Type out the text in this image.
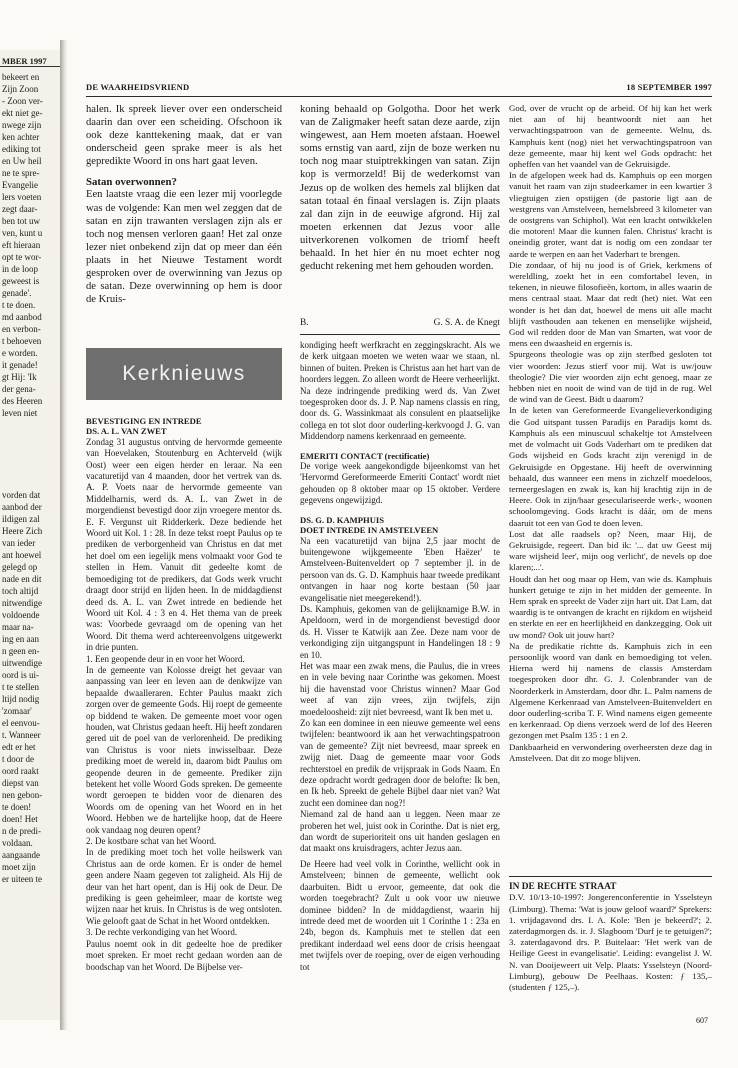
MBER 1997
bekeert en
Zijn Zoon
- Zoon ver-
ekt niet ge-
nwege zijn
ken achter
ediking tot
en Uw heil
ne te spre-
Evangelie
lers voeten
zegt daar-
ben tot uw
ven, kunt u
eft hieraan
opt te wor-
in de loop
geweest is
genade'.
t te doen.
md aanbod
en verbon-
t behoeven
e worden.
it genade!
gt Hij: 'Ik
der gena-
des Heeren
leven niet
vorden dat
aanbod der
ildigen zal
Heere Zich
van ieder
ant hoewel
gelegd op
nade en dit
toch altijd
nitwendige
voldoende
maar na-
ing en aan
n geen en-
uitwendige
oord is ui-
t te stellen
ltijd nodig
'zomaar'
el eenvou-
t. Wanneer
edt er het
t door de
oord raakt
diepst van
nen gebon-
te doen!
doen! Het
n de predi-
voldaan.
aangaande
moet zijn
er uiteen te
DE WAARHEIDSVRIEND	18 SEPTEMBER 1997

halen. Ik spreek liever over een onderscheid daarin dan over een scheiding. Ofschoon ik ook deze kanttekening maak, dat er van onderscheid geen sprake meer is als het gepredikte Woord in ons hart gaat leven.

Satan overwonnen?

Een laatste vraag die een lezer mij voorlegde was de volgende: Kan men wel zeggen dat de satan en zijn trawanten verslagen zijn als er toch nog mensen verloren gaan! Het zal onze lezer niet onbekend zijn dat op meer dan één plaats in het Nieuwe Testament wordt gesproken over de overwinning van Jezus op de satan. Deze overwinning op hem is door de Kruis-

koning behaald op Golgotha. Door het werk van de Zaligmaker heeft satan deze aarde, zijn wingewest, aan Hem moeten afstaan. Hoewel soms ernstig van aard, zijn de boze werken nu toch nog maar stuiptrekkingen van satan. Zijn kop is vermorzeld! Bij de wederkomst van Jezus op de wolken des hemels zal blijken dat satan totaal én finaal verslagen is. Zijn plaats zal dan zijn in de eeuwige afgrond. Hij zal moeten erkennen dat Jezus voor alle uitverkorenen volkomen de triomf heeft behaald. In het hier én nu moet echter nog geducht rekening met hem gehouden worden.

B.	G. S. A. de Knegt
Kerknieuws

BEVESTIGING EN INTREDE

DS. A. L. VAN ZWET

Zondag 31 augustus ontving de hervormde gemeente van Hoevelaken, Stoutenburg en Achterveld (wijk Oost) weer een eigen herder en leraar. Na een vacaturetijd van 4 maanden, door het vertrek van ds. A. P. Voets naar de hervormde gemeente van Middelharnis, werd ds. A. L. van Zwet in de morgendienst bevestigd door zijn vroegere mentor ds. E. F. Vergunst uit Ridderkerk. Deze bediende het Woord uit Kol. 1 : 28. In deze tekst roept Paulus op te prediken de verborgenheid van Christus en dat met het doel om een iegelijk mens volmaakt voor God te stellen in Hem. Vanuit dit gedeelte komt de bemoediging tot de predikers, dat Gods werk vrucht draagt door strijd en lijden heen. In de middagdienst deed ds. A. L. van Zwet intrede en bediende het Woord uit Kol. 4 : 3 en 4. Het thema van de preek was: Voorbede gevraagd om de opening van het Woord. Dit thema werd achtereenvolgens uitgewerkt in drie punten.

1. Een geopende deur in en voor het Woord.

In de gemeente van Kolosse dreigt het gevaar van aanpassing van leer en leven aan de denkwijze van bepaalde dwaalleraren. Echter Paulus maakt zich zorgen over de gemeente Gods. Hij roept de gemeente op biddend te waken. De gemeente moet voor ogen houden, wat Christus gedaan heeft. Hij heeft zondaren gered uit de poel van de verlorenheid. De prediking van Christus is voor niets inwisselbaar. Deze prediking moet de wereld in, daarom bidt Paulus om geopende deuren in de gemeente. Prediker zijn betekent het volle Woord Gods spreken. De gemeente wordt geroepen te bidden voor de dienaren des Woords om de opening van het Woord en in het Woord. Hebben we de hartelijke hoop, dat de Heere ook vandaag nog deuren opent?

2. De kostbare schat van het Woord.

In de prediking moet toch het volle heilswerk van Christus aan de orde komen. Er is onder de hemel geen andere Naam gegeven tot zaligheid. Als Hij de deur van het hart opent, dan is Hij ook de Deur. De prediking is geen geheimleer, maar de kortste weg wijzen naar het kruis. In Christus is de weg ontsloten. Wie gelooft gaat de Schat in het Woord ontdekken.

3. De rechte verkondiging van het Woord.

Paulus noemt ook in dit gedeelte hoe de prediker moet spreken. Er moet recht gedaan worden aan de boodschap van het Woord. De Bijbelse ver-

kondiging heeft werfkracht en zeggingskracht. Als we de kerk uitgaan moeten we weten waar we staan, nl. binnen of buiten. Preken is Christus aan het hart van de hoorders leggen. Zo alleen wordt de Heere verheerlijkt.

Na deze indringende prediking werd ds. Van Zwet toegesproken door ds. J. P. Nap namens classis en ring, door ds. G. Wassinkmaat als consulent en plaatselijke collega en tot slot door ouderling-kerkvoogd J. G. van Middendorp namens kerkenraad en gemeente.

EMERITI CONTACT (rectificatie)

De vorige week aangekondigde bijeenkomst van het 'Hervormd Gereformeerde Emeriti Contact' wordt niet gehouden op 8 oktober maar op 15 oktober. Verdere gegevens ongewijzigd.

DS. G. D. KAMPHUIS

DOET INTREDE IN AMSTELVEEN

Na een vacaturetijd van bijna 2,5 jaar mocht de buitengewone wijkgemeente 'Eben Haëzer' te Amstelveen-Buitenveldert op 7 september jl. in de persoon van ds. G. D. Kamphuis haar tweede predikant ontvangen in haar nog korte bestaan (50 jaar evangelisatie niet meegerekend!).

Ds. Kamphuis, gekomen van de gelijknamige B.W. in Apeldoorn, werd in de morgendienst bevestigd door ds. H. Visser te Katwijk aan Zee. Deze nam voor de verkondiging zijn uitgangspunt in Handelingen 18 : 9 en 10.

Het was maar een zwak mens, die Paulus, die in vrees en in vele beving naar Corinthe was gekomen. Moest hij die havenstad voor Christus winnen? Maar God weet af van zijn vrees, zijn twijfels, zijn moedeloosheid: zijt niet bevreesd, want Ik ben met u.

Zo kan een dominee in een nieuwe gemeente wel eens twijfelen: beantwoord ik aan het verwachtingspatroon van de gemeente? Zijt niet bevreesd, maar spreek en zwijg niet. Daag de gemeente maar voor Gods rechterstoel en predik de vrijspraak in Gods Naam. En deze opdracht wordt gedragen door de belofte: Ik ben, en Ik heb. Spreekt de gehele Bijbel daar niet van? Wat zucht een dominee dan nog?!

Niemand zal de hand aan u leggen. Neen maar ze proberen het wel, juist ook in Corinthe. Dat is niet erg, dan wordt de superioriteit ons uit handen geslagen en dat maakt ons kruisdragers, achter Jezus aan.

De Heere had veel volk in Corinthe, wellicht ook in Amstelveen; binnen de gemeente, wellicht ook daarbuiten. Bidt u ervoor, gemeente, dat ook die worden toegebracht? Zult u ook voor uw nieuwe dominee bidden? In de middagdienst, waarin hij intrede deed met de woorden uit 1 Corinthe 1 : 23a en 24b, begon ds. Kamphuis met te stellen dat een predikant inderdaad wel eens door de crisis heengaat met twijfels over de roeping, over de eigen verhouding tot

God, over de vrucht op de arbeid. Of hij kan het werk niet aan of hij beantwoordt niet aan het verwachtingspatroon van de gemeente. Welnu, ds. Kamphuis kent (nog) niet het verwachtingspatroon van deze gemeente, maar hij kent wel Gods opdracht: het opheffen van het vaandel van de Gekruisigde.

In de afgelopen week had ds. Kamphuis op een morgen vanuit het raam van zijn studeerkamer in een kwartier 3 vliegtuigen zien opstijgen (de pastorie ligt aan de westgrens van Amstelveen, hemelsbreed 3 kilometer van de oostgrens van Schiphol). Wat een kracht ontwikkelen die motoren! Maar die kunnen falen. Christus' kracht is oneindig groter, want dat is nodig om een zondaar ter aarde te werpen en aan het Vaderhart te brengen.

Die zondaar, of hij nu jood is of Griek, kerkmens of wereldling, zoekt het in een comfortabel leven, in tekenen, in nieuwe filosofieën, kortom, in alles waarin de mens centraal staat. Maar dat redt (het) niet. Wat een wonder is het dan dat, hoewel de mens uit alle macht blijft vasthouden aan tekenen en menselijke wijsheid, God wil redden door de Man van Smarten, wat voor de mens een dwaasheid en ergernis is.

Spurgeons theologie was op zijn sterfbed gesloten tot vier woorden: Jezus stierf voor mij. Wat is uw/jouw theologie? Die vier woorden zijn echt genoeg, maar ze hebben niet en nooit de wind van de tijd in de rug. Wel de wind van de Geest. Bidt u daarom?

In de keten van Gereformeerde Evangelieverkondiging die God uitspant tussen Paradijs en Paradijs komt ds. Kamphuis als een minuscuul schakeltje tot Amstelveen met de volmacht uit Gods Vaderhart om te prediken dat Gods wijsheid en Gods kracht zijn verenigd in de Gekruisigde en Opgestane. Hij heeft de overwinning behaald, dus wanneer een mens in zichzelf moedeloos, terneergeslagen en zwak is, kan hij krachtig zijn in de Heere. Ook in zijn/haar geseculariseerde werk-, woonen schoolomgeving. Gods kracht is dáár, om de mens daaruit tot een van God te doen leven.

Lost dat alle raadsels op? Neen, maar Hij, de Gekruisigde, regeert. Dan bid ik: '... dat uw Geest mij ware wijsheid leer', mijn oog verlicht', de nevels op doe klaren;...'.

Houdt dan het oog maar op Hem, van wie ds. Kamphuis hunkert getuige te zijn in het midden der gemeente. In Hem sprak en spreekt de Vader zijn hart uit. Dat Lam, dat waardig is te ontvangen de kracht en rijkdom en wijsheid en sterkte en eer en heerlijkheid en dankzegging. Ook uit uw mond? Ook uit jouw hart?

Na de predikatie richtte ds. Kamphuis zich in een persoonlijk woord van dank en bemoediging tot velen. Hierna werd hij namens de classis Amsterdam toegesproken door dhr. G. J. Colenbrander van de Noorderkerk in Amsterdam, door dhr. L. Palm namens de Algemene Kerkenraad van Amstelveen-Buitenveldert en door ouderling-scriba T. F. Wind namens eigen gemeente en kerkenraad. Op diens verzoek werd de lof des Heeren gezongen met Psalm 135 : 1 en 2.

Dankbaarheid en verwondering overheersten deze dag in Amstelveen. Dat dit zo moge blijven.

IN DE RECHTE STRAAT

D.V. 10/13-10-1997: Jongerenconferentie in Ysselsteyn (Limburg). Thema: 'Wat is jouw geloof waard?' Sprekers: 1. vrijdagavond drs. I. A. Kole: 'Ben je bekeerd?'; 2. zaterdagmorgen ds. ir. J. Slagboom 'Durf je te getuigen?'; 3. zaterdagavond drs. P. Buitelaar: 'Het werk van de Heilige Geest in evangelisatie'. Leiding: evangelist J. W. N. van Dooijeweert uit Velp. Plaats: Ysselsteyn (Noord-Limburg), gebouw De Peelhaas. Kosten: ƒ 135,– (studenten ƒ 125,–).

607
